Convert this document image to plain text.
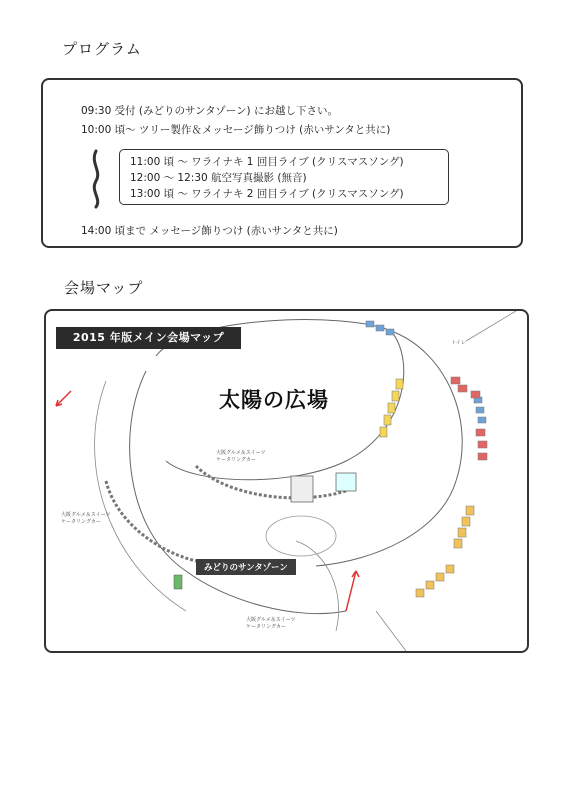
プログラム
09:30 受付 (みどりのサンタゾーン) にお越し下さい。
10:00 頃～ ツリー製作＆メッセージ飾りつけ (赤いサンタと共に)
11:00 頃 ～ ワライナキ 1 回目ライブ (クリスマスソング)
12:00 ～ 12:30 航空写真撮影 (無音)
13:00 頃 ～ ワライナキ 2 回目ライブ (クリスマスソング)
14:00 頃まで メッセージ飾りつけ (赤いサンタと共に)
会場マップ
2015 年版メイン会場マップ
太陽の広場
みどりのサンタゾーン
大阪グルメ＆スイーツ
ケータリングカー
大阪グルメ＆スイーツ
ケータリングカー
大阪グルメ＆スイーツ
ケータリングカー
トイレ
